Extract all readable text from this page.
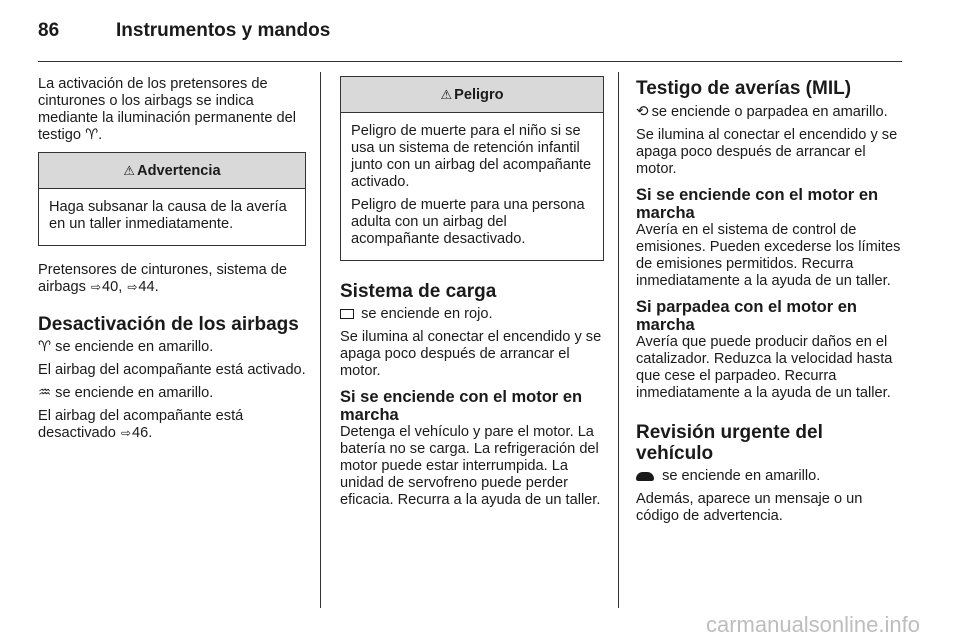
86	Instrumentos y mandos

La activación de los pretensores de cinturones o los airbags se indica mediante la iluminación permanente del testigo ♈.

⚠ Advertencia

Haga subsanar la causa de la avería en un taller inmediatamente.

Pretensores de cinturones, sistema de airbags ⇨40, ⇨44.

Desactivación de los airbags

♈ se enciende en amarillo.

El airbag del acompañante está activado.

♒ se enciende en amarillo.

El airbag del acompañante está desactivado ⇨46.

⚠ Peligro

Peligro de muerte para el niño si se usa un sistema de retención infantil junto con un airbag del acompañante activado.

Peligro de muerte para una persona adulta con un airbag del acompañante desactivado.

Sistema de carga

se enciende en rojo.

Se ilumina al conectar el encendido y se apaga poco después de arrancar el motor.

Si se enciende con el motor en marcha

Detenga el vehículo y pare el motor. La batería no se carga. La refrigeración del motor puede estar interrumpida. La unidad de servofreno puede perder eficacia. Recurra a la ayuda de un taller.

Testigo de averías (MIL)

⟲ se enciende o parpadea en amarillo.

Se ilumina al conectar el encendido y se apaga poco después de arrancar el motor.

Si se enciende con el motor en marcha

Avería en el sistema de control de emisiones. Pueden excederse los límites de emisiones permitidos. Recurra inmediatamente a la ayuda de un taller.

Si parpadea con el motor en marcha

Avería que puede producir daños en el catalizador. Reduzca la velocidad hasta que cese el parpadeo. Recurra inmediatamente a la ayuda de un taller.

Revisión urgente del vehículo

se enciende en amarillo.

Además, aparece un mensaje o un código de advertencia.

carmanualsonline.info
